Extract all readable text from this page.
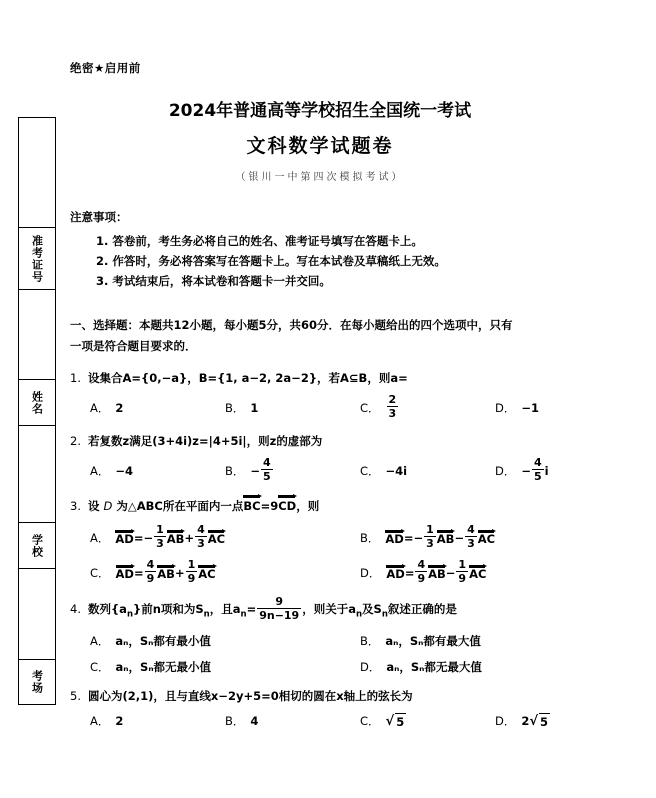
准考证号
姓名
学校
考场
绝密★启用前
2024年普通高等学校招生全国统一考试
文科数学试题卷
（银川一中第四次模拟考试）
注意事项：
1. 答卷前，考生务必将自己的姓名、准考证号填写在答题卡上。
2. 作答时，务必将答案写在答题卡上。写在本试卷及草稿纸上无效。
3. 考试结束后，将本试卷和答题卡一并交回。
一、选择题：本题共12小题，每小题5分，共60分．在每小题给出的四个选项中，只有
一项是符合题目要求的．
1. 设集合A={0,−a}，B={1, a−2, 2a−2}，若A⊆B，则a=
A． 2	B． 1	C． $\frac{2}{3}$	D． −1
2. 若复数z满足(3+4i)z=|4+5i|，则z的虚部为
A． −4	B． − $\frac{4}{5}$	C． −4i	D． − $\frac{4}{5}$ i
3. 设 D 为△ABC所在平面内一点BC=9CD，则
A． AD =− $\frac{1}{3}$ AB + $\frac{4}{3}$ AC	B． AD =− $\frac{1}{3}$ AB − $\frac{4}{3}$ AC
C． AD = $\frac{4}{9}$ AB + $\frac{1}{9}$ AC	D． AD = $\frac{4}{9}$ AB − $\frac{1}{9}$ AC
4. 数列$\{a_n\}$前n项和为$S_n$，且$a_n= \frac{9}{9n-19}$ ，则关于$a_n$及$S_n$叙述正确的是
A． aₙ，Sₙ都有最小值	B． aₙ，Sₙ都有最大值
C． aₙ，Sₙ都无最小值	D． aₙ，Sₙ都无最大值
5. 圆心为(2,1)，且与直线x−2y+5=0相切的圆在x轴上的弦长为
A． 2	B． 4	C． √ 5	D． 2 √ 5
